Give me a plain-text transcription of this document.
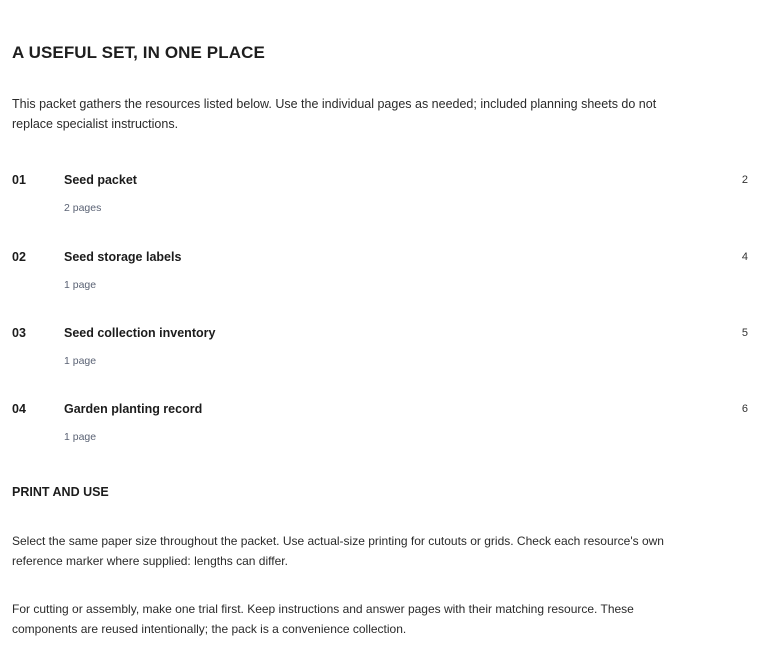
A USEFUL SET, IN ONE PLACE

This packet gathers the resources listed below. Use the individual pages as needed; included planning sheets do not replace specialist instructions.

01	Seed packet
2 pages
2
02	Seed storage labels
1 page
4
03	Seed collection inventory
1 page
5
04	Garden planting record
1 page
6
PRINT AND USE

Select the same paper size throughout the packet. Use actual-size printing for cutouts or grids. Check each resource's own reference marker where supplied: lengths can differ.

For cutting or assembly, make one trial first. Keep instructions and answer pages with their matching resource. These components are reused intentionally; the pack is a convenience collection.
